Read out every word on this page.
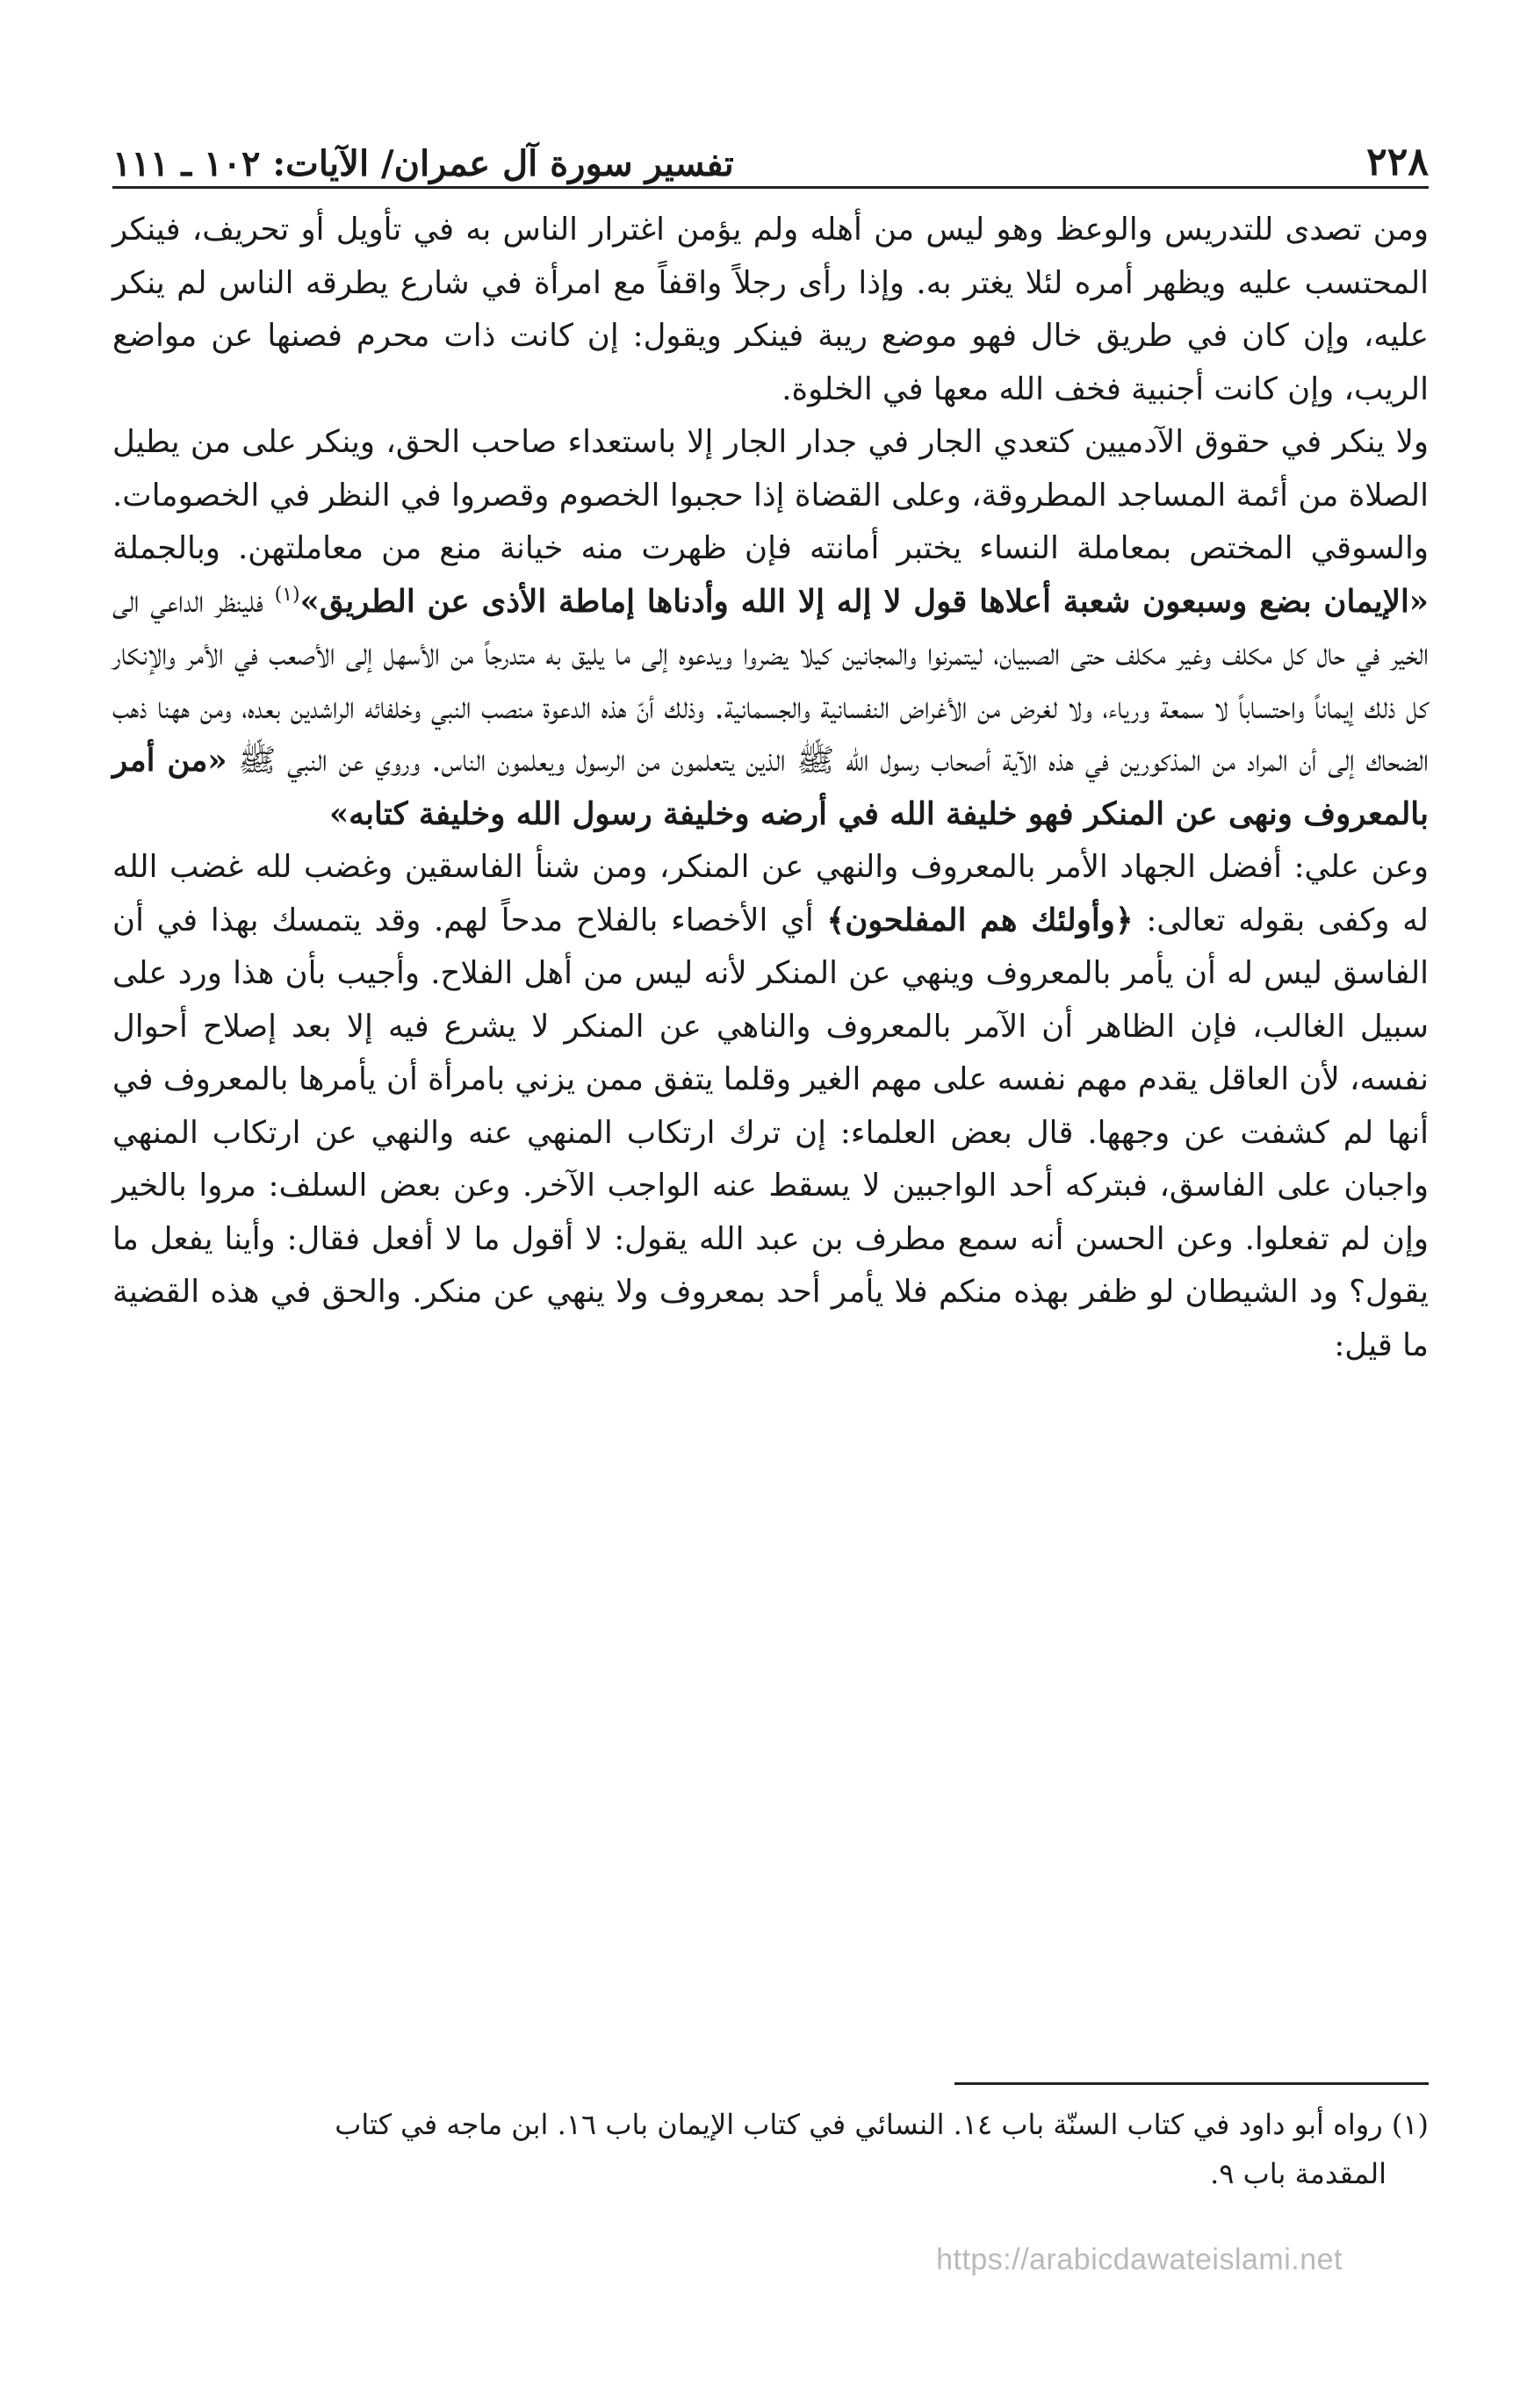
٢٢٨
تفسير سورة آل عمران/ الآيات: ١٠٢ ـ ١١١

ومن تصدى للتدريس والوعظ وهو ليس من أهله ولم يؤمن اغترار الناس به في تأويل أو تحريف، فينكر المحتسب عليه ويظهر أمره لئلا يغتر به. وإذا رأى رجلاً واقفاً مع امرأة في شارع يطرقه الناس لم ينكر عليه، وإن كان في طريق خال فهو موضع ريبة فينكر ويقول: إن كانت ذات محرم فصنها عن مواضع الريب، وإن كانت أجنبية فخف الله معها في الخلوة.

ولا ينكر في حقوق الآدميين كتعدي الجار في جدار الجار إلا باستعداء صاحب الحق، وينكر على من يطيل الصلاة من أئمة المساجد المطروقة، وعلى القضاة إذا حجبوا الخصوم وقصروا في النظر في الخصومات. والسوقي المختص بمعاملة النساء يختبر أمانته فإن ظهرت منه خيانة منع من معاملتهن. وبالجملة «الإيمان بضع وسبعون شعبة أعلاها قول لا إله إلا الله وأدناها إماطة الأذى عن الطريق»$^{(١)}$ فلينظر الداعي الى الخير في حال كل مكلف وغير مكلف حتى الصبيان، ليتمرنوا والمجانين كيلا يضروا ويدعوه إلى ما يليق به متدرجاً من الأسهل إلى الأصعب في الأمر والإنكار كل ذلك إيماناً واحتساباً لا سمعة ورياء، ولا لغرض من الأغراض النفسانية والجسمانية. وذلك أنّ هذه الدعوة منصب النبي وخلفائه الراشدين بعده، ومن ههنا ذهب الضحاك إلى أن المراد من المذكورين في هذه الآية أصحاب رسول الله ﷺ الذين يتعلمون من الرسول ويعلمون الناس. وروي عن النبي ﷺ «من أمر بالمعروف ونهى عن المنكر فهو خليفة الله في أرضه وخليفة رسول الله وخليفة كتابه»

وعن علي: أفضل الجهاد الأمر بالمعروف والنهي عن المنكر، ومن شنأ الفاسقين وغضب لله غضب الله له وكفى بقوله تعالى: ﴿وأولئك هم المفلحون﴾ أي الأخصاء بالفلاح مدحاً لهم. وقد يتمسك بهذا في أن الفاسق ليس له أن يأمر بالمعروف وينهي عن المنكر لأنه ليس من أهل الفلاح. وأجيب بأن هذا ورد على سبيل الغالب، فإن الظاهر أن الآمر بالمعروف والناهي عن المنكر لا يشرع فيه إلا بعد إصلاح أحوال نفسه، لأن العاقل يقدم مهم نفسه على مهم الغير وقلما يتفق ممن يزني بامرأة أن يأمرها بالمعروف في أنها لم كشفت عن وجهها. قال بعض العلماء: إن ترك ارتكاب المنهي عنه والنهي عن ارتكاب المنهي واجبان على الفاسق، فبتركه أحد الواجبين لا يسقط عنه الواجب الآخر. وعن بعض السلف: مروا بالخير وإن لم تفعلوا. وعن الحسن أنه سمع مطرف بن عبد الله يقول: لا أقول ما لا أفعل فقال: وأينا يفعل ما يقول؟ ود الشيطان لو ظفر بهذه منكم فلا يأمر أحد بمعروف ولا ينهي عن منكر. والحق في هذه القضية ما قيل:

(١) رواه أبو داود في كتاب السنّة باب ١٤. النسائي في كتاب الإيمان باب ١٦. ابن ماجه في كتاب

المقدمة باب ٩.

https://arabicdawateislami.net
